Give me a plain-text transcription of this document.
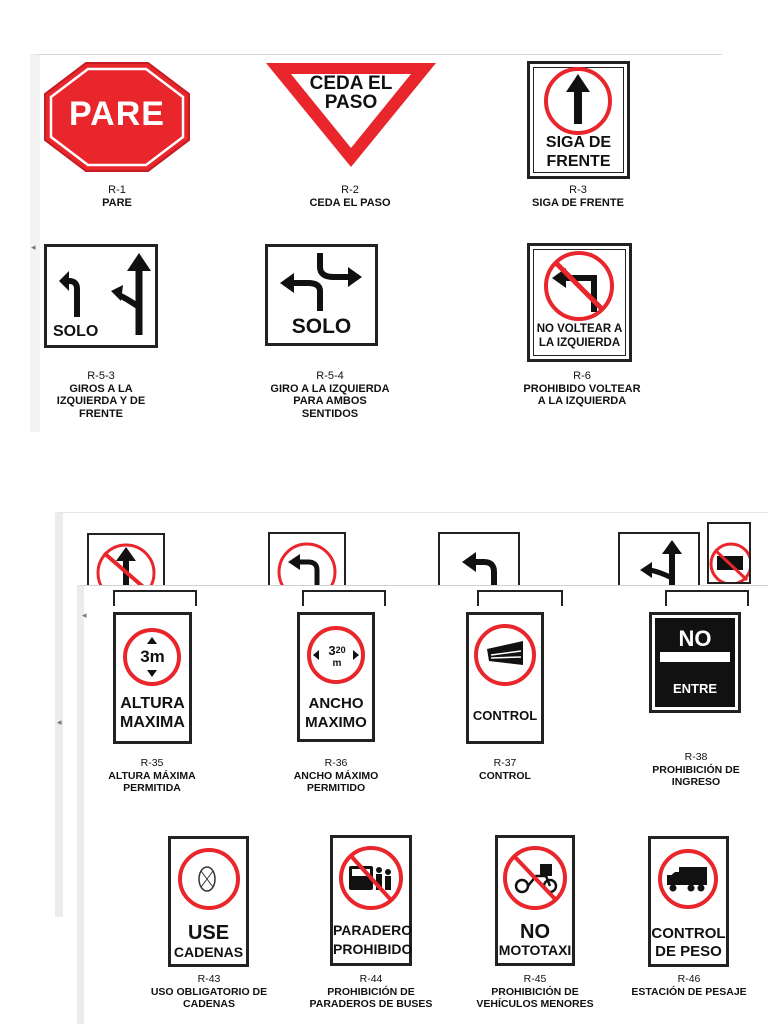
◂
PARE
R-1
PARE
CEDA EL
PASO
R-2
CEDA EL PASO
SIGA DE
FRENTE
R-3
SIGA DE FRENTE
SOLO
R-5-3
GIROS A LA
IZQUIERDA Y DE
FRENTE
SOLO
R-5-4
GIRO A LA IZQUIERDA
PARA AMBOS
SENTIDOS
NO VOLTEAR A
LA IZQUIERDA
R-6
PROHIBIDO VOLTEAR
A LA IZQUIERDA
◂
◂
3m
ALTURA
MAXIMA
R-35
ALTURA MÁXIMA
PERMITIDA
$3^{20}$
m
ANCHO
MAXIMO
R-36
ANCHO MÁXIMO
PERMITIDO
CONTROL
R-37
CONTROL
NO
ENTRE
R-38
PROHIBICIÓN DE
INGRESO
USE
CADENAS
R-43
USO OBLIGATORIO DE
CADENAS
PARADERO
PROHIBIDO
R-44
PROHIBICIÓN DE
PARADEROS DE BUSES
NO
MOTOTAXI
R-45
PROHIBICIÓN DE
VEHÍCULOS MENORES
CONTROL
DE PESO
R-46
ESTACIÓN DE PESAJE
